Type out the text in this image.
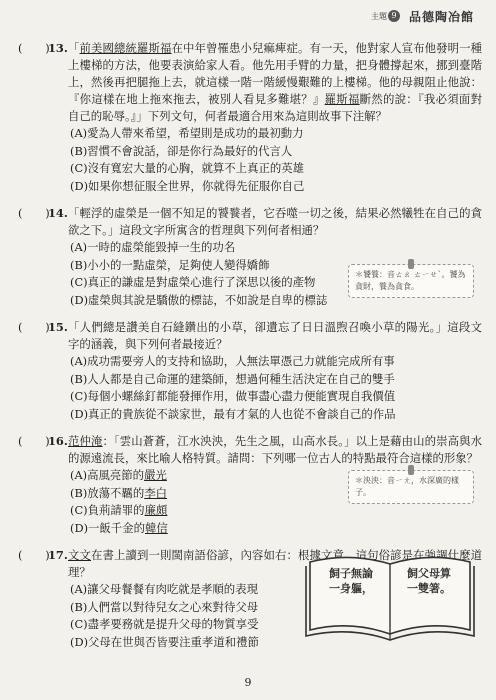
主題 9 品德陶冶館
(　　)
13. 「前美國總統羅斯福在中年曾罹患小兒痲痺症。有一天，他對家人宣布他發明一種上樓梯的方法，他要表演給家人看。他先用手臂的力量，把身體撐起來，挪到臺階上，然後再把腿拖上去，就這樣一階一階緩慢艱難的上樓梯。他的母親阻止他說：『你這樣在地上拖來拖去，被別人看見多難堪？』羅斯福斷然的說：『我必須面對自己的恥辱。』」下列文句，何者最適合用來為這則故事下注解？
(A)愛為人帶來希望，希望則是成功的最初動力
(B)習慣不會說話，卻是你行為最好的代言人
(C)沒有寬宏大量的心胸，就算不上真正的英雄
(D)如果你想征服全世界，你就得先征服你自己
(　　)
14. 「輕浮的虛榮是一個不知足的饕餮者，它吞噬一切之後，結果必然犧牲在自己的貪欲之下。」這段文字所寓含的哲理與下列何者相通？
(A)一時的虛榮能毀掉一生的功名
(B)小小的一點虛榮，足夠使人變得嬌飾
(C)真正的謙虛是對虛榮心進行了深思以後的產物
(D)虛榮與其說是驕傲的標誌，不如說是自卑的標誌
(　　)
15. 「人們總是讚美自石縫鑽出的小草，卻遺忘了日日溫煦召喚小草的陽光。」這段文字的涵義，與下列何者最接近？
(A)成功需要旁人的支持和協助，人無法單憑己力就能完成所有事
(B)人人都是自己命運的建築師，想過何種生活決定在自己的雙手
(C)每個小螺絲釘都能發揮作用，做事盡心盡力便能實現自我價值
(D)真正的貴族從不談家世，最有才氣的人也從不會談自己的作品
(　　)
16. 范仲淹：「雲山蒼蒼，江水泱泱，先生之風，山高水長。」以上是藉由山的崇高與水的源遠流長，來比喻人格特質。請問：下列哪一位古人的特點最符合這樣的形象？
(A)高風亮節的嚴光
(B)放蕩不羈的李白
(C)負荊請罪的廉頗
(D)一飯千金的韓信
(　　)
17. 文文在書上讀到一則閩南語俗諺，內容如右：根據文意，這句俗諺是在強調什麼道理？
(A)讓父母餐餐有肉吃就是孝順的表現
(B)人們當以對待兒女之心來對待父母
(C)盡孝要務就是提升父母的物質享受
(D)父母在世與否皆要注重孝道和禮節
＊饕餮：音ㄊㄠ ㄊㄧㄝˋ。饕為貪財，餮為貪食。
＊泱泱：音ㄧㄤ，水深廣的樣子。
飼子無論
一身軀，
飼父母算
一雙箸。
9
